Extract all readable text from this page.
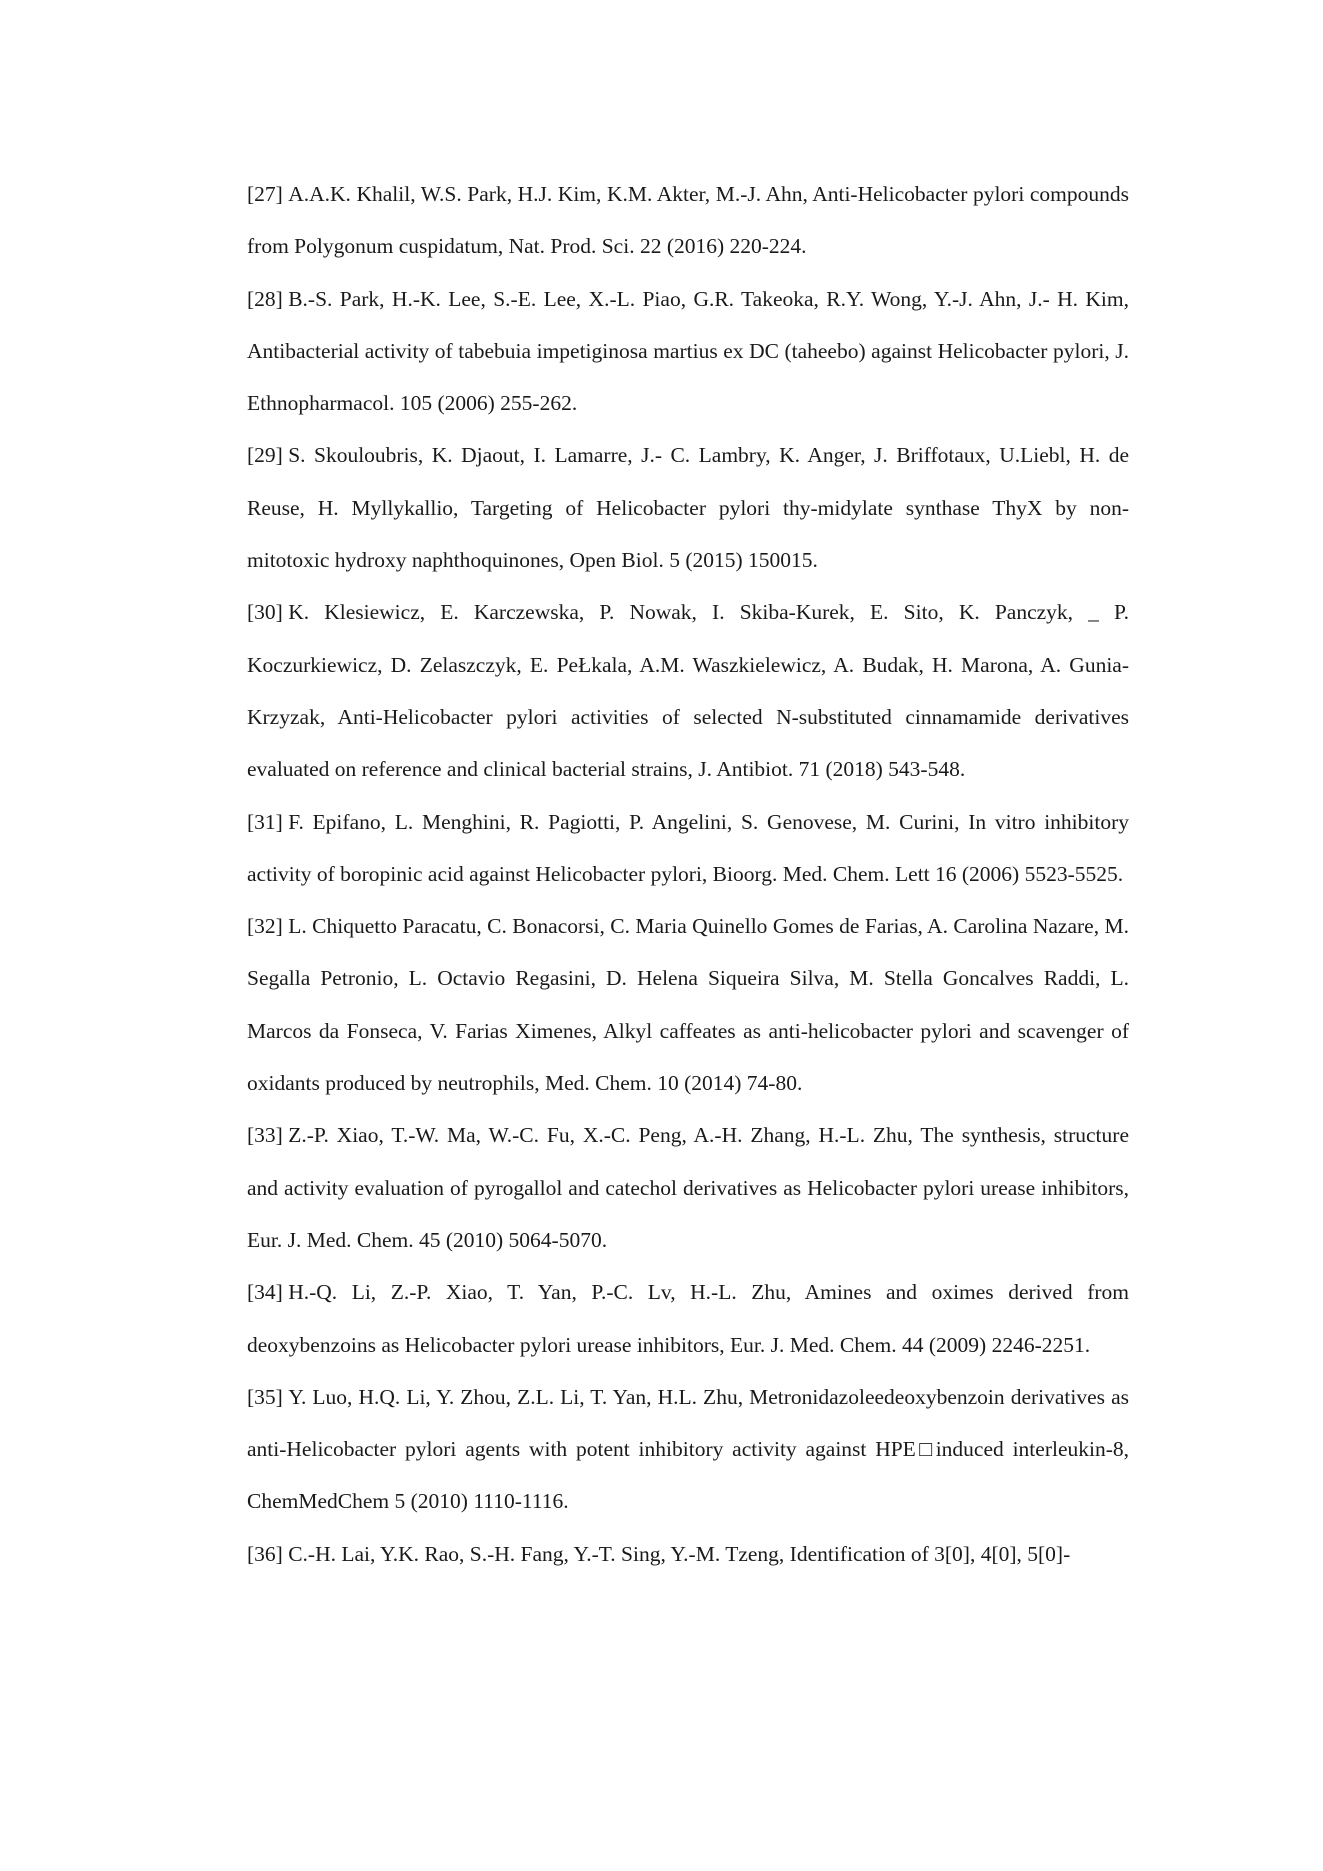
[27] A.A.K. Khalil, W.S. Park, H.J. Kim, K.M. Akter, M.-J. Ahn, Anti-Helicobacter pylori compounds from Polygonum cuspidatum, Nat. Prod. Sci. 22 (2016) 220-224.
[28] B.-S. Park, H.-K. Lee, S.-E. Lee, X.-L. Piao, G.R. Takeoka, R.Y. Wong, Y.-J. Ahn, J.- H. Kim, Antibacterial activity of tabebuia impetiginosa martius ex DC (taheebo) against Helicobacter pylori, J. Ethnopharmacol. 105 (2006) 255-262.
[29] S. Skouloubris, K. Djaout, I. Lamarre, J.- C. Lambry, K. Anger, J. Briffotaux, U.Liebl, H. de Reuse, H. Myllykallio, Targeting of Helicobacter pylori thy-midylate synthase ThyX by non-mitotoxic hydroxy naphthoquinones, Open Biol. 5 (2015) 150015.
[30] K. Klesiewicz, E. Karczewska, P. Nowak, I. Skiba-Kurek, E. Sito, K. Panczyk, _ P. Koczurkiewicz, D. Zelaszczyk, E. PeŁkala, A.M. Waszkielewicz, A. Budak, H. Marona, A. Gunia-Krzyzak, Anti-Helicobacter pylori activities of selected N-substituted cinnamamide derivatives evaluated on reference and clinical bacterial strains, J. Antibiot. 71 (2018) 543-548.
[31] F. Epifano, L. Menghini, R. Pagiotti, P. Angelini, S. Genovese, M. Curini, In vitro inhibitory activity of boropinic acid against Helicobacter pylori, Bioorg. Med. Chem. Lett 16 (2006) 5523-5525.
[32] L. Chiquetto Paracatu, C. Bonacorsi, C. Maria Quinello Gomes de Farias, A. Carolina Nazare, M. Segalla Petronio, L. Octavio Regasini, D. Helena Siqueira Silva, M. Stella Goncalves Raddi, L. Marcos da Fonseca, V. Farias Ximenes, Alkyl caffeates as anti-helicobacter pylori and scavenger of oxidants produced by neutrophils, Med. Chem. 10 (2014) 74-80.
[33] Z.-P. Xiao, T.-W. Ma, W.-C. Fu, X.-C. Peng, A.-H. Zhang, H.-L. Zhu, The synthesis, structure and activity evaluation of pyrogallol and catechol derivatives as Helicobacter pylori urease inhibitors, Eur. J. Med. Chem. 45 (2010) 5064-5070.
[34] H.-Q. Li, Z.-P. Xiao, T. Yan, P.-C. Lv, H.-L. Zhu, Amines and oximes derived from deoxybenzoins as Helicobacter pylori urease inhibitors, Eur. J. Med. Chem. 44 (2009) 2246-2251.
[35] Y. Luo, H.Q. Li, Y. Zhou, Z.L. Li, T. Yan, H.L. Zhu, Metronidazoleedeoxybenzoin derivatives as anti-Helicobacter pylori agents with potent inhibitory activity against HPE□induced interleukin-8, ChemMedChem 5 (2010) 1110-1116.
[36] C.-H. Lai, Y.K. Rao, S.-H. Fang, Y.-T. Sing, Y.-M. Tzeng, Identification of 3[0], 4[0], 5[0]-
